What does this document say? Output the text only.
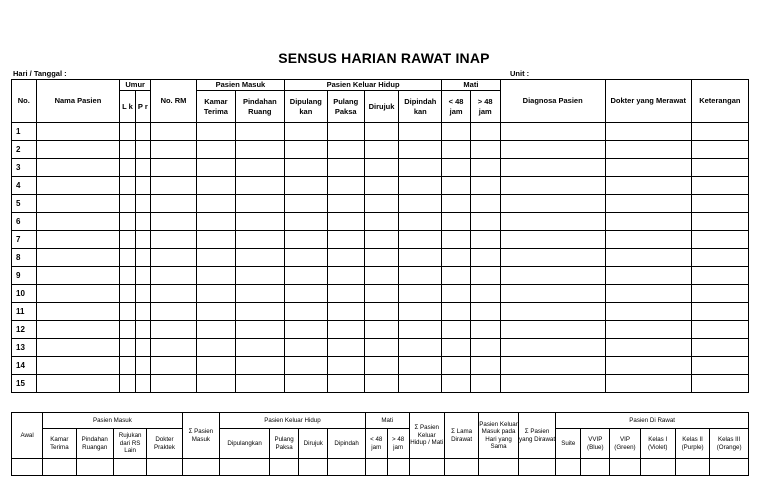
SENSUS HARIAN RAWAT INAP
Hari / Tanggal :	Unit :
No.	Nama Pasien	Umur		No. RM	Pasien Masuk		Pasien Keluar Hidup				Mati		Diagnosa Pasien	Dokter yang Merawat	Keterangan
		L k	P r		Kamar Terima	Pindahan Ruang	Dipulang kan	Pulang Paksa	Dirujuk	Dipindah kan	< 48 jam	> 48 jam			
1															
2															
3															
4															
5															
6															
7															
8															
9															
10															
11															
12															
13															
14															
15															
Awal	Pasien Masuk				Σ Pasien Masuk	Pasien Keluar Hidup				Mati		Σ Pasien Keluar Hidup / Mati	Σ Lama Dirawat	Pasien Keluar Masuk pada Hari yang Sama	Σ Pasien yang Dirawat	Pasien Di Rawat					
	Kamar Terima	Pindahan Ruangan	Rujukan dari RS Lain	Dokter Praktek		Dipulangkan	Pulang Paksa	Dirujuk	Dipindah	< 48 jam	> 48 jam					Suite	VVIP (Blue)	VIP (Green)	Kelas I (Violet)	Kelas II (Purple)	Kelas III (Orange)
